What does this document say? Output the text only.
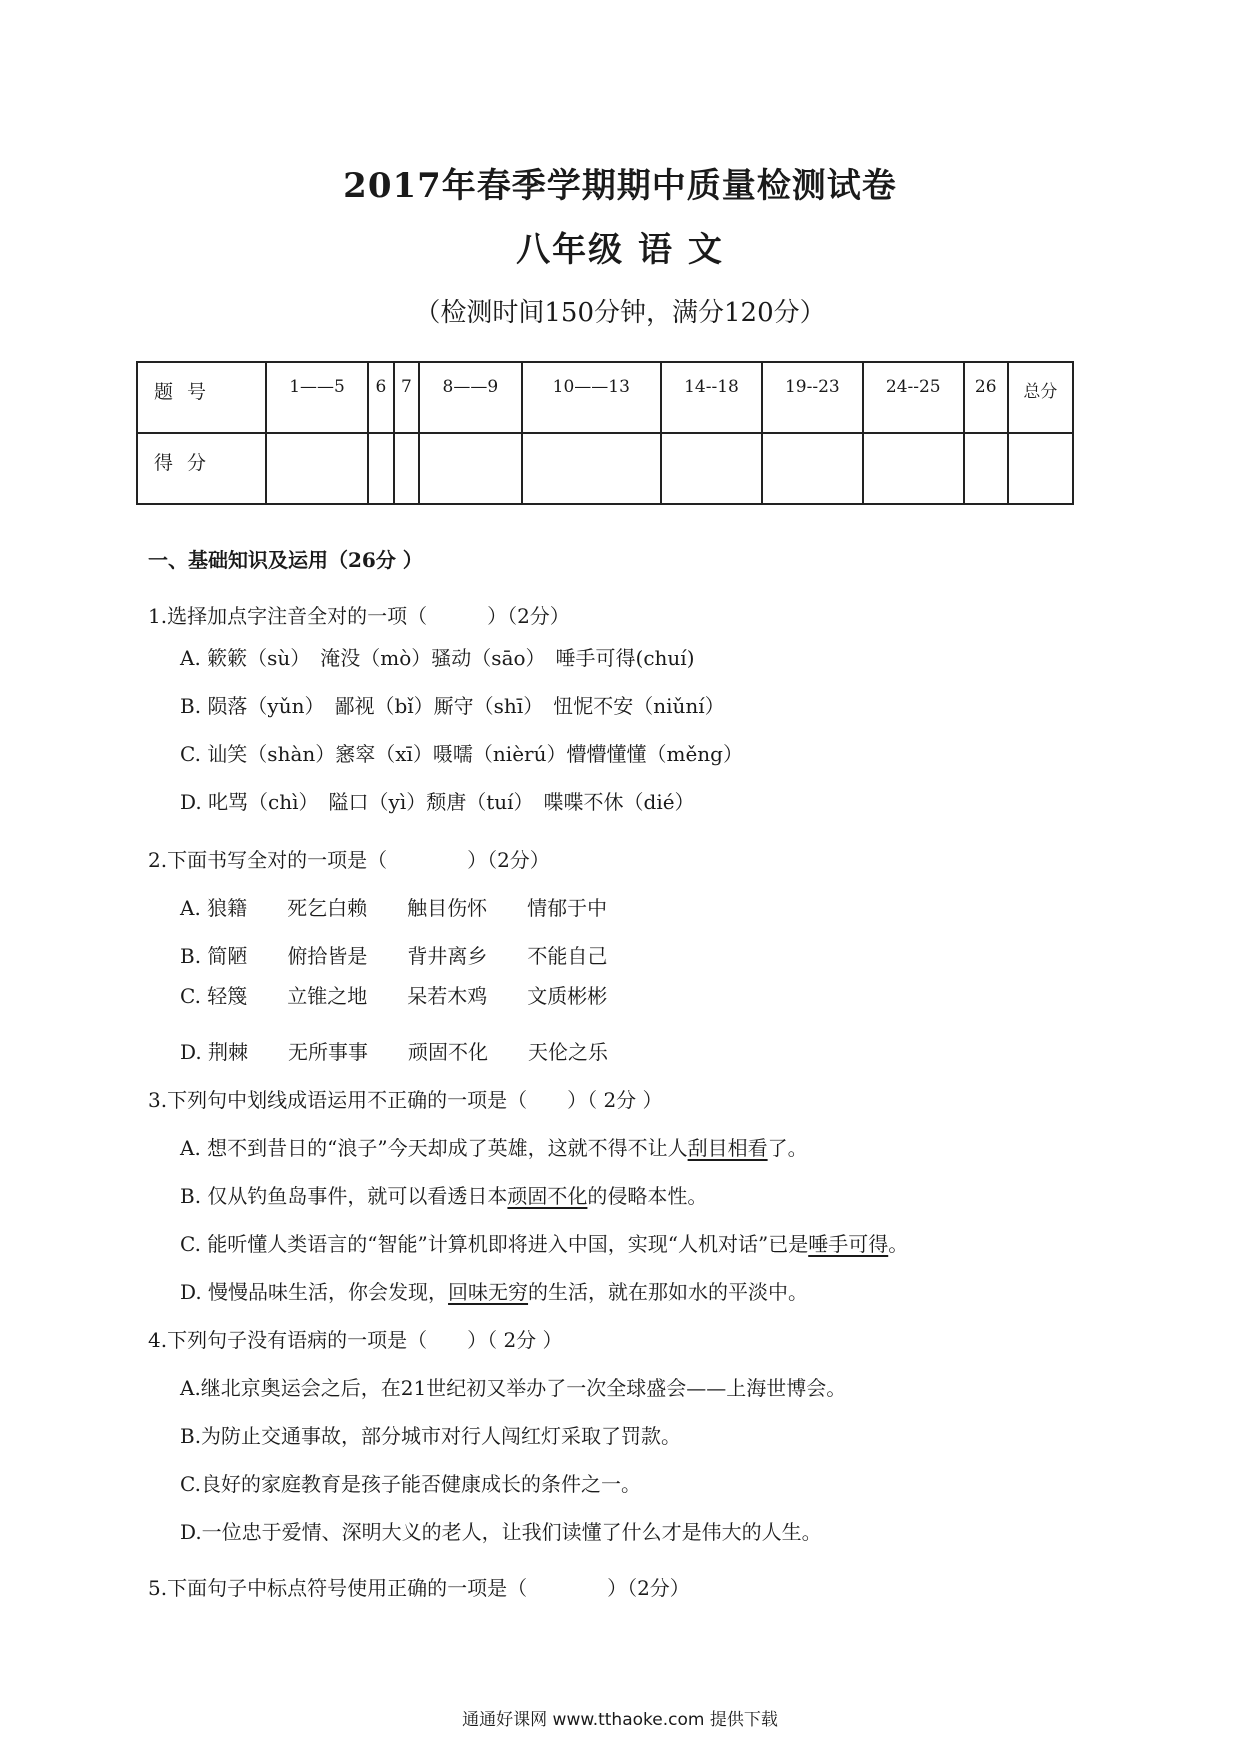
2017年春季学期期中质量检测试卷
八年级 语 文
（检测时间150分钟，满分120分）
题 号	1——5	6	7	8——9	10——13	14--18	19--23	24--25	26	总分
得 分										
一、基础知识及运用（26分 ）
1.选择加点字注音全对的一项（　　　）（2分）
A. 簌簌（sù）　淹没（mò）骚动（sāo）　唾手可得(chuí)
B. 陨落（yǔn）　鄙视（bǐ）厮守（shī）　忸怩不安（niǔní）
C. 讪笑（shàn）窸窣（xī）嗫嚅（nièrú）懵懵懂懂（měng）
D. 叱骂（chì）　隘口（yì）颓唐（tuí）　喋喋不休（dié）
2.下面书写全对的一项是（　　　　）（2分）
A. 狼籍　　死乞白赖　　触目伤怀　　情郁于中
B. 简陋　　俯拾皆是　　背井离乡　　不能自己
C. 轻篾　　立锥之地　　呆若木鸡　　文质彬彬
D. 荆棘　　无所事事　　顽固不化　　天伦之乐
3.下列句中划线成语运用不正确的一项是（　　）（ 2分 ）
A. 想不到昔日的“浪子”今天却成了英雄，这就不得不让人刮目相看了。
B. 仅从钓鱼岛事件，就可以看透日本顽固不化的侵略本性。
C. 能听懂人类语言的“智能”计算机即将进入中国，实现“人机对话”已是唾手可得。
D. 慢慢品味生活，你会发现，回味无穷的生活，就在那如水的平淡中。
4.下列句子没有语病的一项是（　　）（ 2分 ）
A.继北京奥运会之后，在21世纪初又举办了一次全球盛会——上海世博会。
B.为防止交通事故，部分城市对行人闯红灯采取了罚款。
C.良好的家庭教育是孩子能否健康成长的条件之一。
D.一位忠于爱情、深明大义的老人，让我们读懂了什么才是伟大的人生。
5.下面句子中标点符号使用正确的一项是（　　　　）（2分）
通通好课网 www.tthaoke.com 提供下载
